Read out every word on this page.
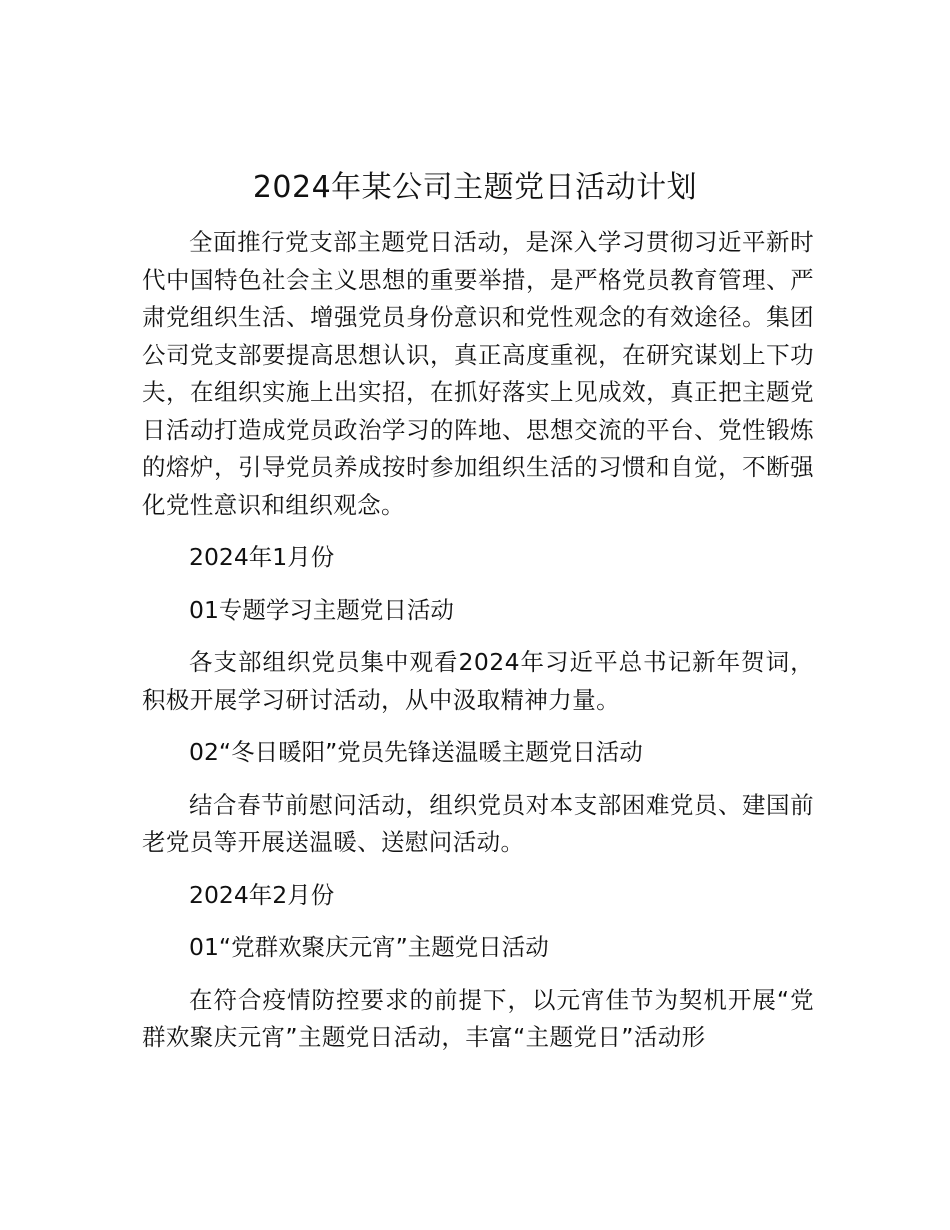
2024年某公司主题党日活动计划

全面推行党支部主题党日活动，是深入学习贯彻习近平新时代中国特色社会主义思想的重要举措，是严格党员教育管理、严肃党组织生活、增强党员身份意识和党性观念的有效途径。集团公司党支部要提高思想认识，真正高度重视，在研究谋划上下功夫，在组织实施上出实招，在抓好落实上见成效，真正把主题党日活动打造成党员政治学习的阵地、思想交流的平台、党性锻炼的熔炉，引导党员养成按时参加组织生活的习惯和自觉，不断强化党性意识和组织观念。

2024年1月份

01专题学习主题党日活动

各支部组织党员集中观看2024年习近平总书记新年贺词，积极开展学习研讨活动，从中汲取精神力量。

02“冬日暖阳”党员先锋送温暖主题党日活动

结合春节前慰问活动，组织党员对本支部困难党员、建国前老党员等开展送温暖、送慰问活动。

2024年2月份

01“党群欢聚庆元宵”主题党日活动

在符合疫情防控要求的前提下，以元宵佳节为契机开展“党群欢聚庆元宵”主题党日活动，丰富“主题党日”活动形
